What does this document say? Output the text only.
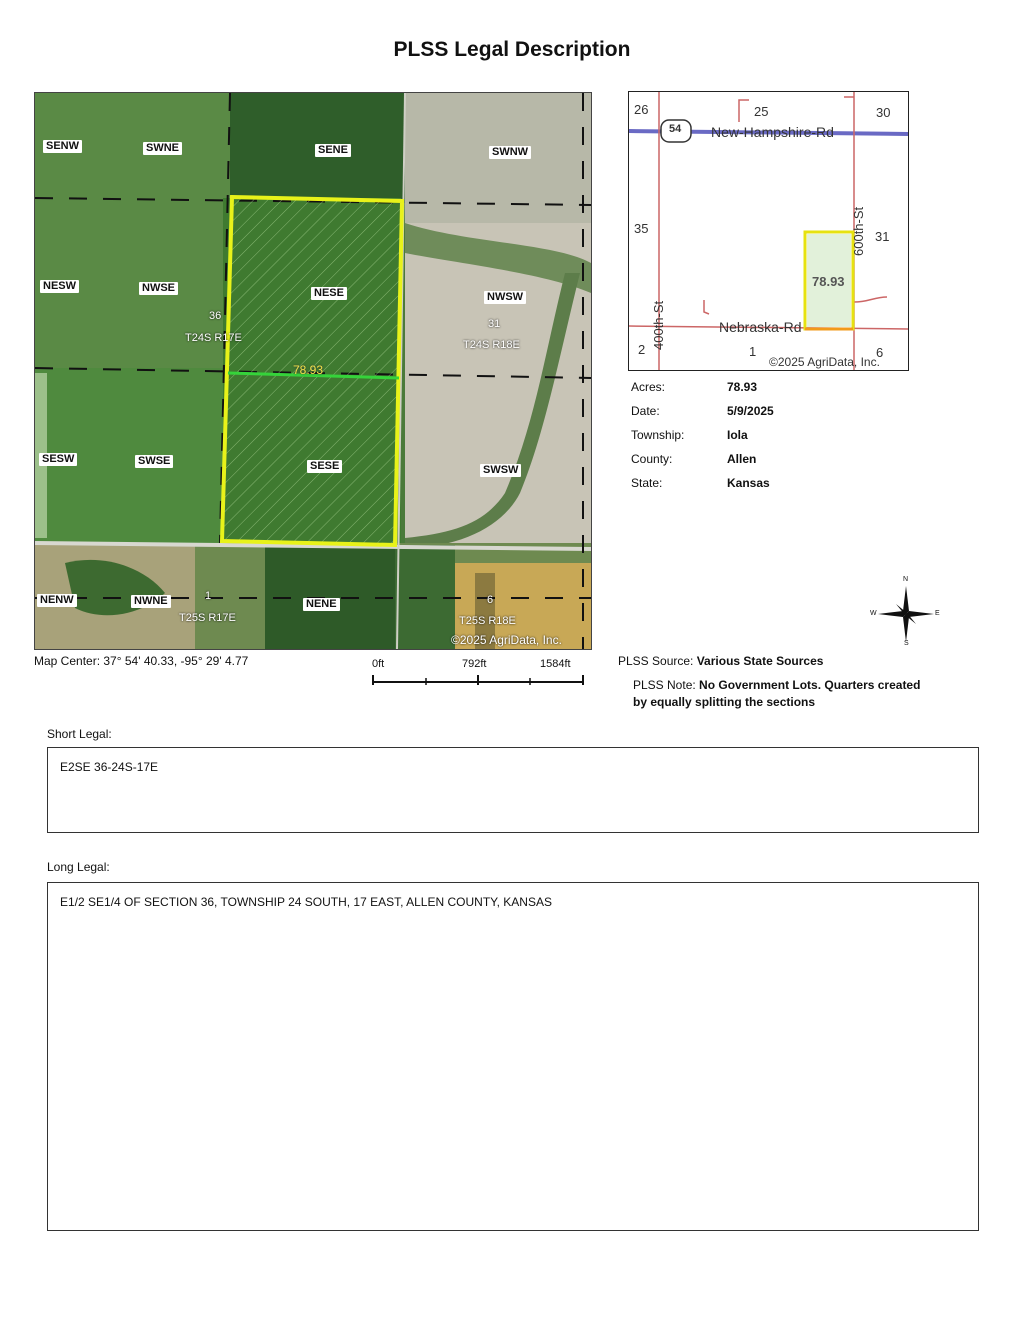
PLSS Legal Description
SENW	SWNE	SENE	SWNW
NESW	NWSE	NESE	NWSW
SESW	SWSE	SESE	SWSW
NENW	NWNE	NENE
36
T24S R17E
31
T24S R18E
1
T25S R17E
6
T25S R18E
78.93
©2025 AgriData, Inc.
26	25	30
54 New-Hampshire-Rd
35	600th-St 31
78.93
400th-St	Nebraska-Rd
2	1	6
©2025 AgriData, Inc.
Acres:	78.93
Date:	5/9/2025
Township:	Iola
County:	Allen
State:	Kansas
N
S
E
W
Map Center: 37° 54' 40.33, -95° 29' 4.77	0ft	792ft	1584ft	PLSS Source: Various State Sources
PLSS Note: No Government Lots. Quarters created
by equally splitting the sections
Short Legal:
E2SE 36-24S-17E
Long Legal:
E1/2 SE1/4 OF SECTION 36, TOWNSHIP 24 SOUTH, 17 EAST, ALLEN COUNTY, KANSAS
